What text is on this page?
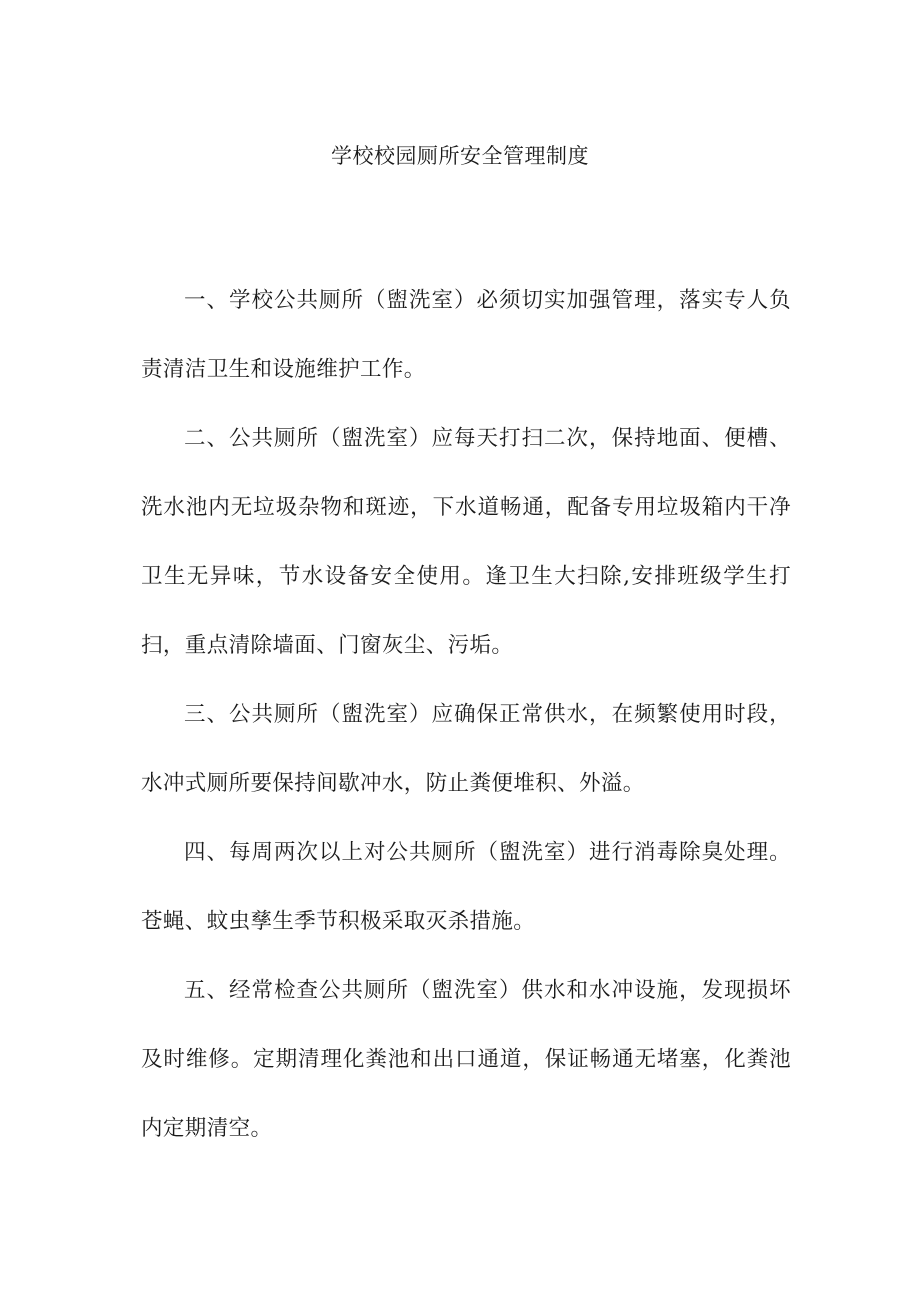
学校校园厕所安全管理制度

一、学校公共厕所（盥洗室）必须切实加强管理，落实专人负责清洁卫生和设施维护工作。

二、公共厕所（盥洗室）应每天打扫二次，保持地面、便槽、洗水池内无垃圾杂物和斑迹，下水道畅通，配备专用垃圾箱内干净卫生无异味，节水设备安全使用。逢卫生大扫除,安排班级学生打扫，重点清除墙面、门窗灰尘、污垢。

三、公共厕所（盥洗室）应确保正常供水，在频繁使用时段，水冲式厕所要保持间歇冲水，防止粪便堆积、外溢。

四、每周两次以上对公共厕所（盥洗室）进行消毒除臭处理。苍蝇、蚊虫孳生季节积极采取灭杀措施。

五、经常检查公共厕所（盥洗室）供水和水冲设施，发现损坏及时维修。定期清理化粪池和出口通道，保证畅通无堵塞，化粪池内定期清空。
